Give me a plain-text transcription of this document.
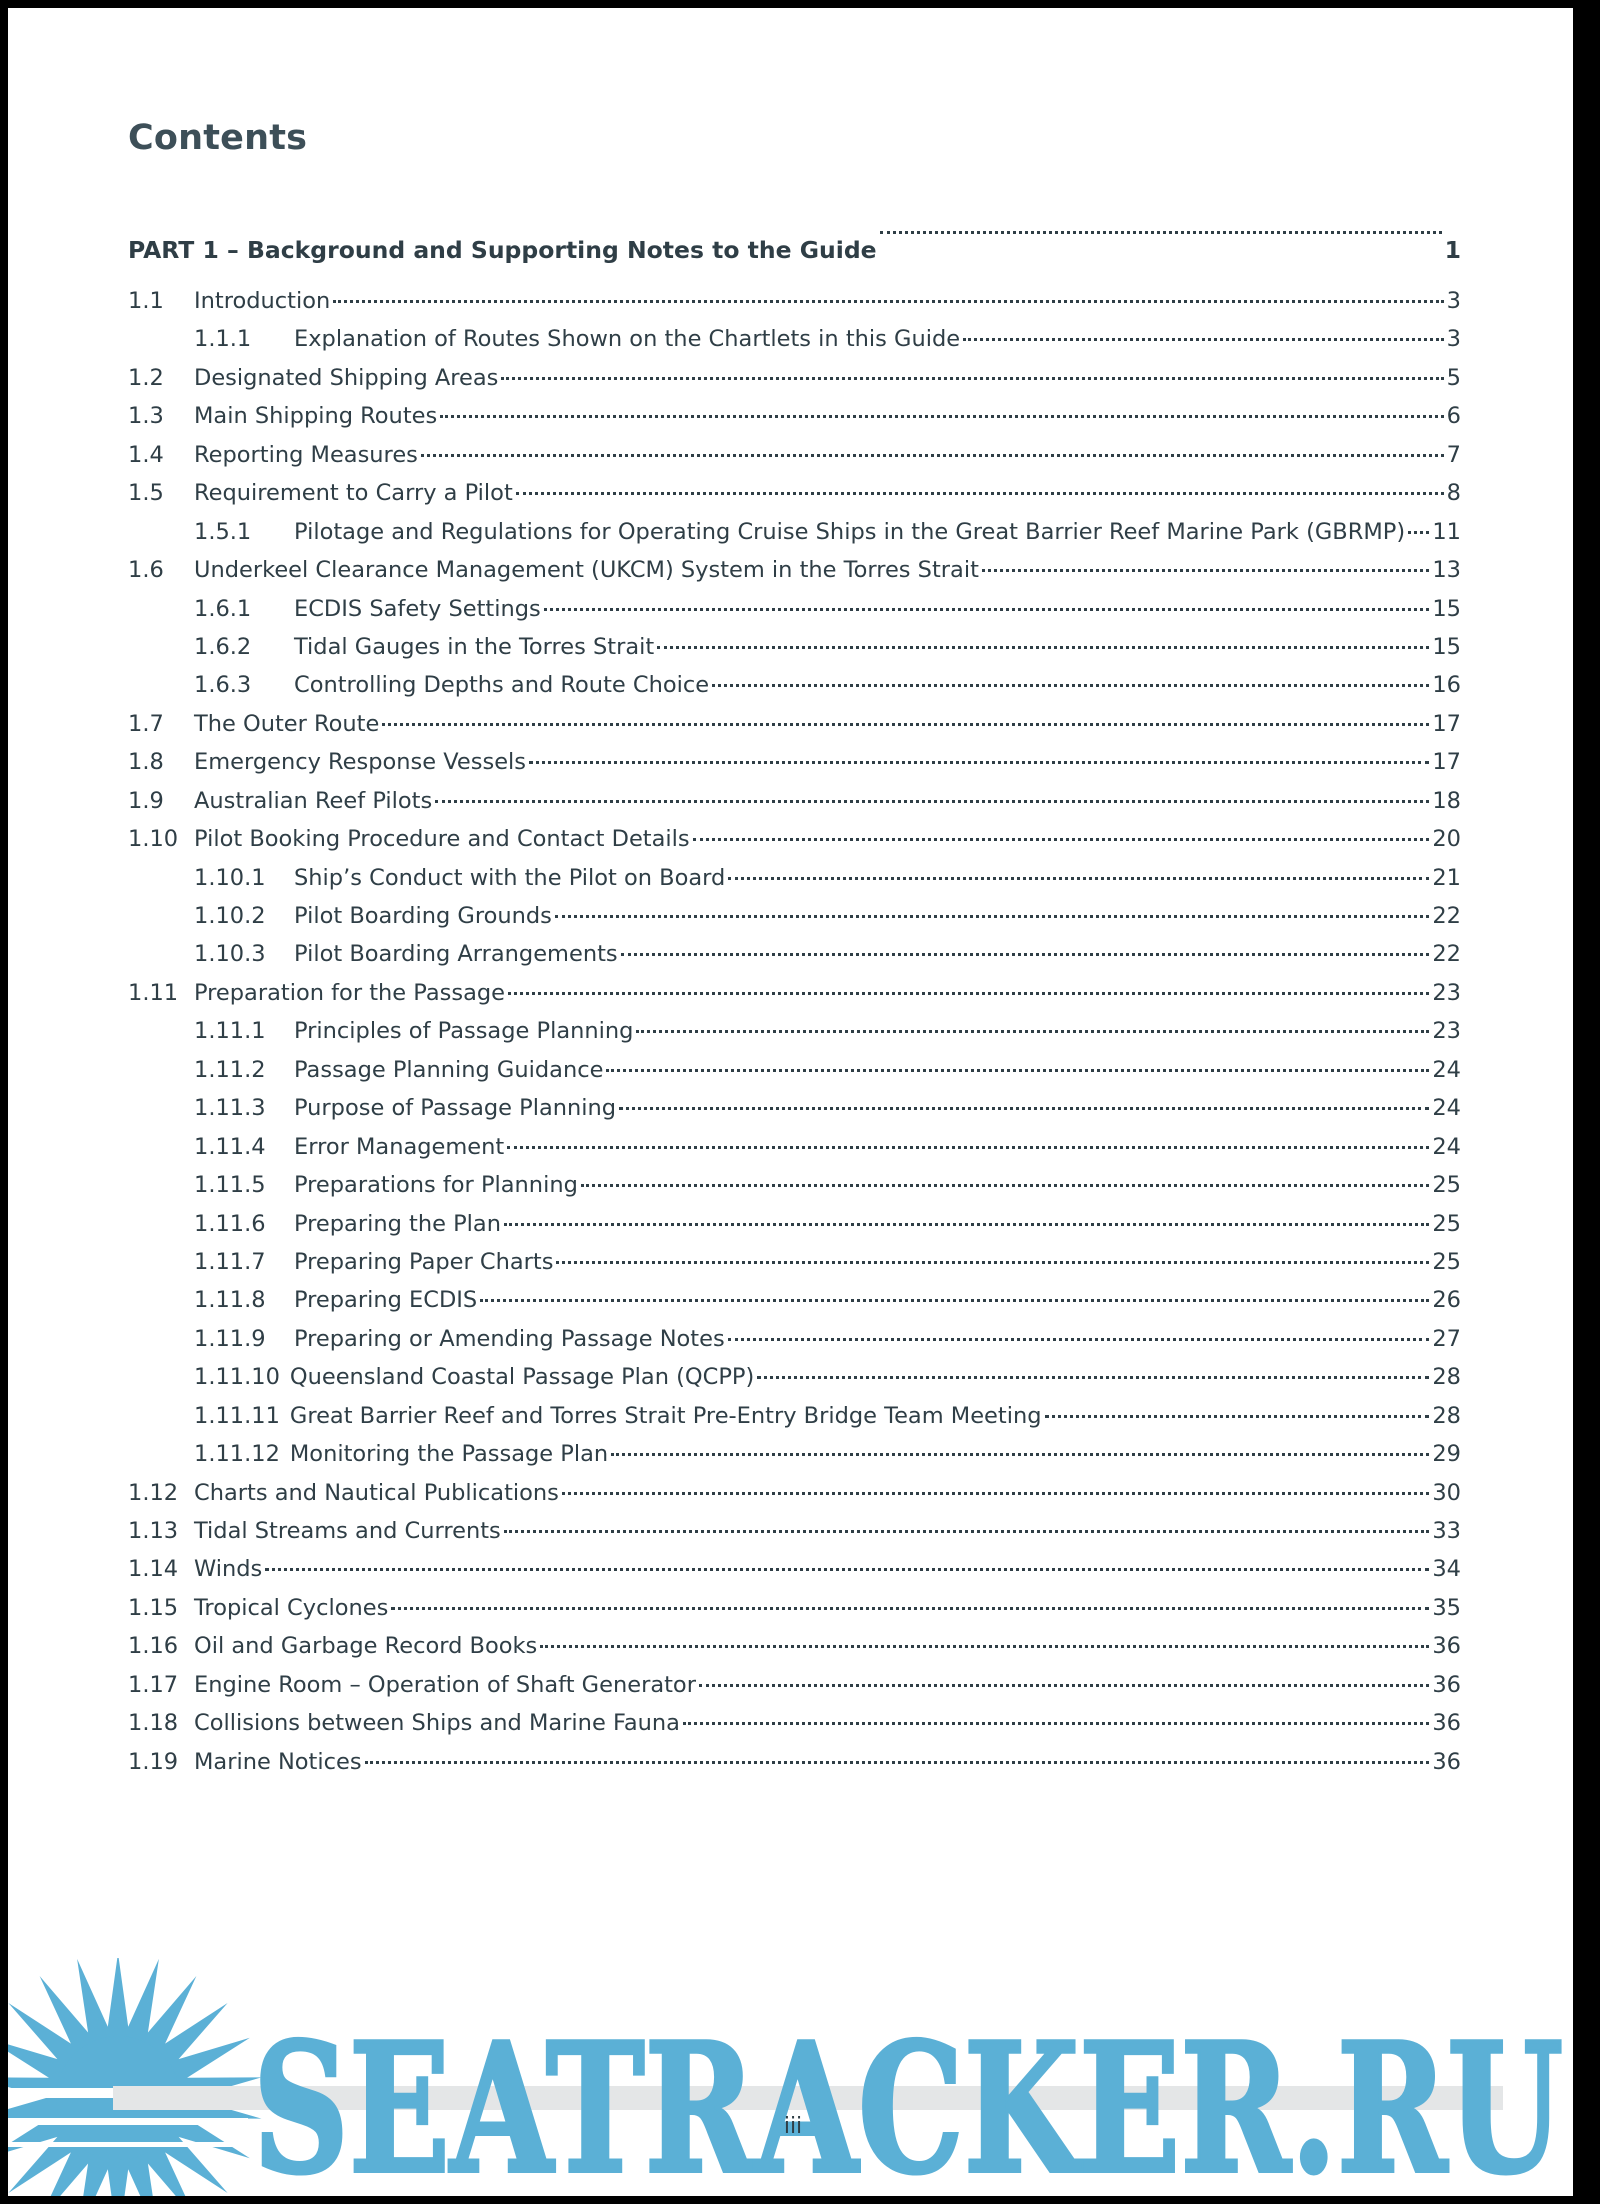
Contents
PART 1 – Background and Supporting Notes to the Guide	1
1.1	Introduction	3
1.1.1	Explanation of Routes Shown on the Chartlets in this Guide	3
1.2	Designated Shipping Areas	5
1.3	Main Shipping Routes	6
1.4	Reporting Measures	7
1.5	Requirement to Carry a Pilot	8
1.5.1	Pilotage and Regulations for Operating Cruise Ships in the Great Barrier Reef Marine Park (GBRMP) 11
1.6	Underkeel Clearance Management (UKCM) System in the Torres Strait	13
1.6.1	ECDIS Safety Settings	15
1.6.2	Tidal Gauges in the Torres Strait	15
1.6.3	Controlling Depths and Route Choice	16
1.7	The Outer Route	17
1.8	Emergency Response Vessels	17
1.9	Australian Reef Pilots	18
1.10 Pilot Booking Procedure and Contact Details	20
1.10.1	Ship’s Conduct with the Pilot on Board	21
1.10.2	Pilot Boarding Grounds	22
1.10.3	Pilot Boarding Arrangements	22
1.11 Preparation for the Passage	23
1.11.1	Principles of Passage Planning	23
1.11.2	Passage Planning Guidance	24
1.11.3	Purpose of Passage Planning	24
1.11.4	Error Management	24
1.11.5	Preparations for Planning	25
1.11.6	Preparing the Plan	25
1.11.7	Preparing Paper Charts	25
1.11.8	Preparing ECDIS	26
1.11.9	Preparing or Amending Passage Notes	27
1.11.10 Queensland Coastal Passage Plan (QCPP)	28
1.11.11 Great Barrier Reef and Torres Strait Pre-Entry Bridge Team Meeting	28
1.11.12 Monitoring the Passage Plan	29
1.12 Charts and Nautical Publications	30
1.13 Tidal Streams and Currents	33
1.14 Winds	34
1.15 Tropical Cyclones	35
1.16 Oil and Garbage Record Books	36
1.17 Engine Room – Operation of Shaft Generator	36
1.18 Collisions between Ships and Marine Fauna	36
1.19 Marine Notices	36
SEATRACKER.RU
iii
